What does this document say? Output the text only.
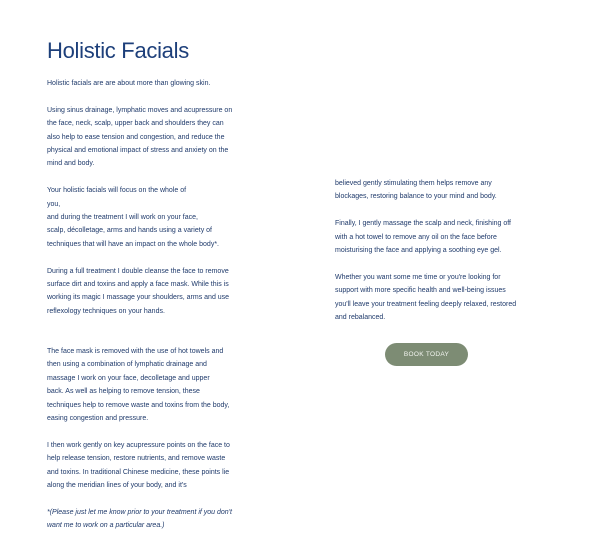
Holistic Facials

Holistic facials are are about more than glowing skin.

Using sinus drainage, lymphatic moves and acupressure on

the face, neck, scalp, upper back and shoulders they can

also help to ease tension and congestion, and reduce the

physical and emotional impact of stress and anxiety on the

mind and body.

Your holistic facials will focus on the whole of

you,

and during the treatment I will work on your face,

scalp, décolletage, arms and hands using a variety of

techniques that will have an impact on the whole body*.

During a full treatment I double cleanse the face to remove

surface dirt and toxins and apply a face mask. While this is

working its magic I massage your shoulders, arms and use

reflexology techniques on your hands.

The face mask is removed with the use of hot towels and

then using a combination of lymphatic drainage and

massage I work on your face, decolletage and upper

back. As well as helping to remove tension, these

techniques help to remove waste and toxins from the body,

easing congestion and pressure.

I then work gently on key acupressure points on the face to

help release tension, restore nutrients, and remove waste

and toxins. In traditional Chinese medicine, these points lie

along the meridian lines of your body, and it's

*(Please just let me know prior to your treatment if you don't

want me to work on a particular area.)

believed gently stimulating them helps remove any

blockages, restoring balance to your mind and body.

Finally, I gently massage the scalp and neck, finishing off

with a hot towel to remove any oil on the face before

moisturising the face and applying a soothing eye gel.

Whether you want some me time or you're looking for

support with more specific health and well-being issues

you'll leave your treatment feeling deeply relaxed, restored

and rebalanced.

BOOK TODAY
